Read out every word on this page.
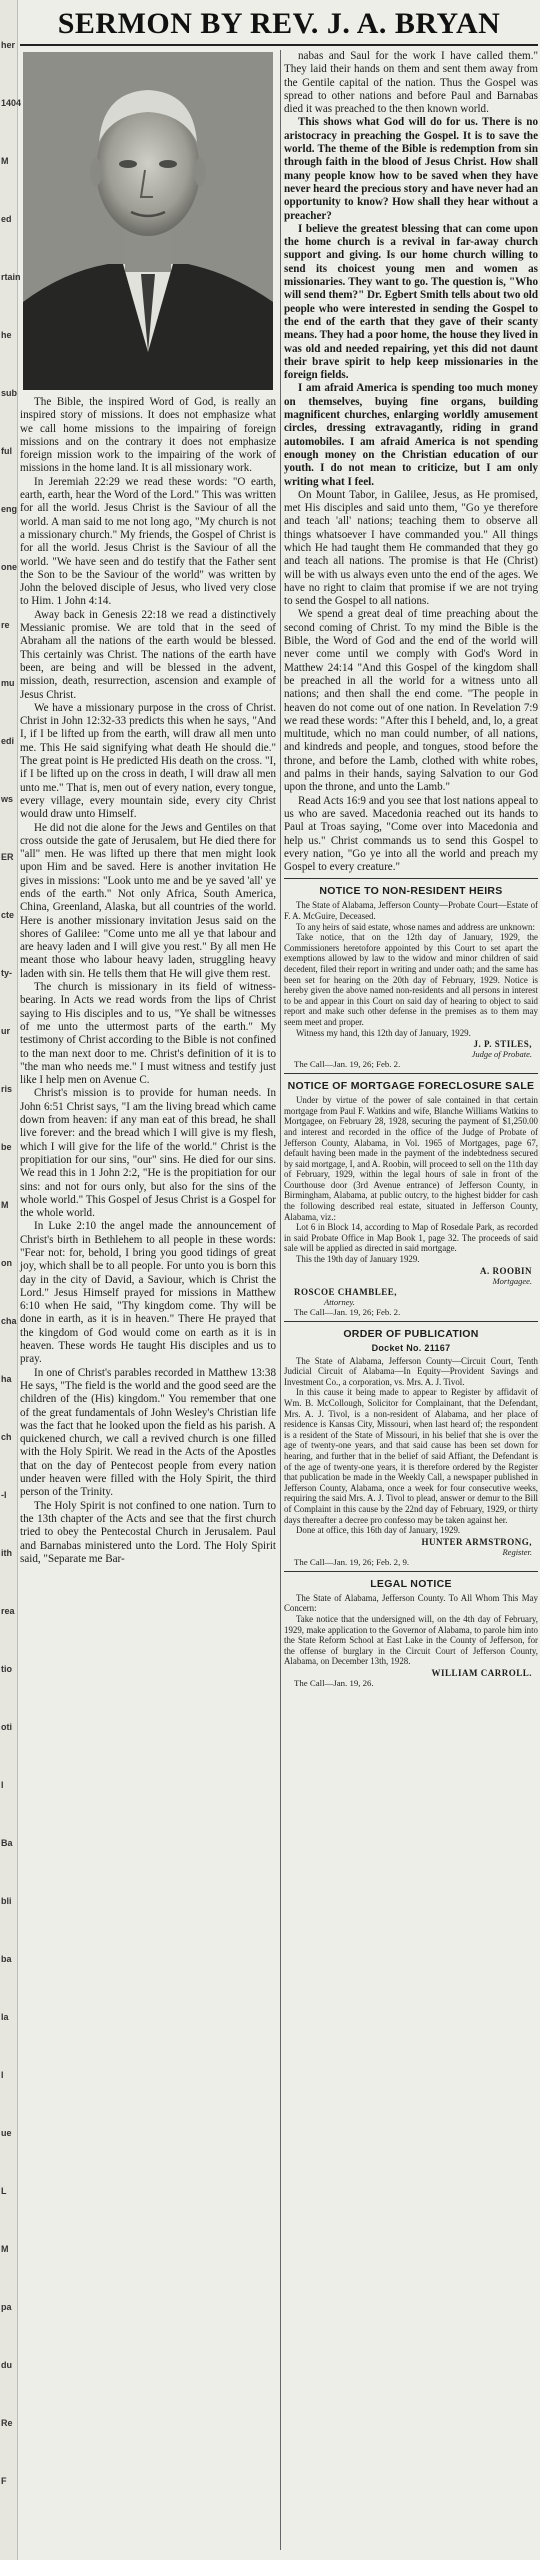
her
1404
M
ed
rtain
he
sub
ful
eng
one
re
mu
edi
ws
ER
cte
ty-
ur
ris
be
M
on
cha
ha
ch
-l
ith
rea
tio
oti
l
Ba
bli
ba
la
l
ue
L
M
pa
du
Re
F
SERMON BY REV. J. A. BRYAN

The Bible, the inspired Word of God, is really an inspired story of missions. It does not emphasize what we call home missions to the impairing of foreign missions and on the contrary it does not emphasize foreign mission work to the impairing of the work of missions in the home land. It is all missionary work.

In Jeremiah 22:29 we read these words: "O earth, earth, earth, hear the Word of the Lord." This was written for all the world. Jesus Christ is the Saviour of all the world. A man said to me not long ago, "My church is not a missionary church." My friends, the Gospel of Christ is for all the world. Jesus Christ is the Saviour of all the world. "We have seen and do testify that the Father sent the Son to be the Saviour of the world" was written by John the beloved disciple of Jesus, who lived very close to Him. 1 John 4:14.

Away back in Genesis 22:18 we read a distinctively Messianic promise. We are told that in the seed of Abraham all the nations of the earth would be blessed. This certainly was Christ. The nations of the earth have been, are being and will be blessed in the advent, mission, death, resurrection, ascension and example of Jesus Christ.

We have a missionary purpose in the cross of Christ. Christ in John 12:32-33 predicts this when he says, "And I, if I be lifted up from the earth, will draw all men unto me. This He said signifying what death He should die." The great point is He predicted His death on the cross. "I, if I be lifted up on the cross in death, I will draw all men unto me." That is, men out of every nation, every tongue, every village, every mountain side, every city Christ would draw unto Himself.

He did not die alone for the Jews and Gentiles on that cross outside the gate of Jerusalem, but He died there for "all" men. He was lifted up there that men might look upon Him and be saved. Here is another invitation He gives in missions: "Look unto me and be ye saved 'all' ye ends of the earth." Not only Africa, South America, China, Greenland, Alaska, but all countries of the world. Here is another missionary invitation Jesus said on the shores of Galilee: "Come unto me all ye that labour and are heavy laden and I will give you rest." By all men He meant those who labour heavy laden, struggling heavy laden with sin. He tells them that He will give them rest.

The church is missionary in its field of witness-bearing. In Acts we read words from the lips of Christ saying to His disciples and to us, "Ye shall be witnesses of me unto the uttermost parts of the earth." My testimony of Christ according to the Bible is not confined to the man next door to me. Christ's definition of it is to "the man who needs me." I must witness and testify just like I help men on Avenue C.

Christ's mission is to provide for human needs. In John 6:51 Christ says, "I am the living bread which came down from heaven: if any man eat of this bread, he shall live forever: and the bread which I will give is my flesh, which I will give for the life of the world." Christ is the propitiation for our sins, "our" sins. He died for our sins. We read this in 1 John 2:2, "He is the propitiation for our sins: and not for ours only, but also for the sins of the whole world." This Gospel of Jesus Christ is a Gospel for the whole world.

In Luke 2:10 the angel made the announcement of Christ's birth in Bethlehem to all people in these words: "Fear not: for, behold, I bring you good tidings of great joy, which shall be to all people. For unto you is born this day in the city of David, a Saviour, which is Christ the Lord." Jesus Himself prayed for missions in Matthew 6:10 when He said, "Thy kingdom come. Thy will be done in earth, as it is in heaven." There He prayed that the kingdom of God would come on earth as it is in heaven. These words He taught His disciples and us to pray.

In one of Christ's parables recorded in Matthew 13:38 He says, "The field is the world and the good seed are the children of the (His) kingdom." You remember that one of the great fundamentals of John Wesley's Christian life was the fact that he looked upon the field as his parish. A quickened church, we call a revived church is one filled with the Holy Spirit. We read in the Acts of the Apostles that on the day of Pentecost people from every nation under heaven were filled with the Holy Spirit, the third person of the Trinity.

The Holy Spirit is not confined to one nation. Turn to the 13th chapter of the Acts and see that the first church tried to obey the Pentecostal Church in Jerusalem. Paul and Barnabas ministered unto the Lord. The Holy Spirit said, "Separate me Bar-

nabas and Saul for the work I have called them." They laid their hands on them and sent them away from the Gentile capital of the nation. Thus the Gospel was spread to other nations and before Paul and Barnabas died it was preached to the then known world.

This shows what God will do for us. There is no aristocracy in preaching the Gospel. It is to save the world. The theme of the Bible is redemption from sin through faith in the blood of Jesus Christ. How shall many people know how to be saved when they have never heard the precious story and have never had an opportunity to know? How shall they hear without a preacher?

I believe the greatest blessing that can come upon the home church is a revival in far-away church support and giving. Is our home church willing to send its choicest young men and women as missionaries. They want to go. The question is, "Who will send them?" Dr. Egbert Smith tells about two old people who were interested in sending the Gospel to the end of the earth that they gave of their scanty means. They had a poor home, the house they lived in was old and needed repairing, yet this did not daunt their brave spirit to help keep missionaries in the foreign fields.

I am afraid America is spending too much money on themselves, buying fine organs, building magnificent churches, enlarging worldly amusement circles, dressing extravagantly, riding in grand automobiles. I am afraid America is not spending enough money on the Christian education of our youth. I do not mean to criticize, but I am only writing what I feel.

On Mount Tabor, in Galilee, Jesus, as He promised, met His disciples and said unto them, "Go ye therefore and teach 'all' nations; teaching them to observe all things whatsoever I have commanded you." All things which He had taught them He commanded that they go and teach all nations. The promise is that He (Christ) will be with us always even unto the end of the ages. We have no right to claim that promise if we are not trying to send the Gospel to all nations.

We spend a great deal of time preaching about the second coming of Christ. To my mind the Bible is the Bible, the Word of God and the end of the world will never come until we comply with God's Word in Matthew 24:14 "And this Gospel of the kingdom shall be preached in all the world for a witness unto all nations; and then shall the end come. "The people in heaven do not come out of one nation. In Revelation 7:9 we read these words: "After this I beheld, and, lo, a great multitude, which no man could number, of all nations, and kindreds and people, and tongues, stood before the throne, and before the Lamb, clothed with white robes, and palms in their hands, saying Salvation to our God upon the throne, and unto the Lamb."

Read Acts 16:9 and you see that lost nations appeal to us who are saved. Macedonia reached out its hands to Paul at Troas saying, "Come over into Macedonia and help us." Christ commands us to send this Gospel to every nation, "Go ye into all the world and preach my Gospel to every creature."

NOTICE TO NON-RESIDENT HEIRS

The State of Alabama, Jefferson County—Probate Court—Estate of F. A. McGuire, Deceased.

To any heirs of said estate, whose names and address are unknown:

Take notice, that on the 12th day of January, 1929, the Commissioners heretofore appointed by this Court to set apart the exemptions allowed by law to the widow and minor children of said decedent, filed their report in writing and under oath; and the same has been set for hearing on the 20th day of February, 1929. Notice is hereby given the above named non-residents and all persons in interest to be and appear in this Court on said day of hearing to object to said report and make such other defense in the premises as to them may seem meet and proper.

Witness my hand, this 12th day of January, 1929.

J. P. STILES,
Judge of Probate.
The Call—Jan. 19, 26; Feb. 2.
NOTICE OF MORTGAGE FORECLOSURE SALE

Under by virtue of the power of sale contained in that certain mortgage from Paul F. Watkins and wife, Blanche Williams Watkins to Mortgagee, on February 28, 1928, securing the payment of $1,250.00 and interest and recorded in the office of the Judge of Probate of Jefferson County, Alabama, in Vol. 1965 of Mortgages, page 67, default having been made in the payment of the indebtedness secured by said mortgage, I, and A. Roobin, will proceed to sell on the 11th day of February, 1929, within the legal hours of sale in front of the Courthouse door (3rd Avenue entrance) of Jefferson County, in Birmingham, Alabama, at public outcry, to the highest bidder for cash the following described real estate, situated in Jefferson County, Alabama, viz.:

Lot 6 in Block 14, according to Map of Rosedale Park, as recorded in said Probate Office in Map Book 1, page 32. The proceeds of said sale will be applied as directed in said mortgage.

This the 19th day of January 1929.

A. ROOBIN
Mortgagee.
ROSCOE CHAMBLEE,
Attorney.
The Call—Jan. 19, 26; Feb. 2.
ORDER OF PUBLICATION
Docket No. 21167

The State of Alabama, Jefferson County—Circuit Court, Tenth Judicial Circuit of Alabama—In Equity—Provident Savings and Investment Co., a corporation, vs. Mrs. A. J. Tivol.

In this cause it being made to appear to Register by affidavit of Wm. B. McCollough, Solicitor for Complainant, that the Defendant, Mrs. A. J. Tivol, is a non-resident of Alabama, and her place of residence is Kansas City, Missouri, when last heard of; the respondent is a resident of the State of Missouri, in his belief that she is over the age of twenty-one years, and that said cause has been set down for hearing, and further that in the belief of said Affiant, the Defendant is of the age of twenty-one years, it is therefore ordered by the Register that publication be made in the Weekly Call, a newspaper published in Jefferson County, Alabama, once a week for four consecutive weeks, requiring the said Mrs. A. J. Tivol to plead, answer or demur to the Bill of Complaint in this cause by the 22nd day of February, 1929, or thirty days thereafter a decree pro confesso may be taken against her.

Done at office, this 16th day of January, 1929.

HUNTER ARMSTRONG,
Register.
The Call—Jan. 19, 26; Feb. 2, 9.
LEGAL NOTICE

The State of Alabama, Jefferson County. To All Whom This May Concern:

Take notice that the undersigned will, on the 4th day of February, 1929, make application to the Governor of Alabama, to parole him into the State Reform School at East Lake in the County of Jefferson, for the offense of burglary in the Circuit Court of Jefferson County, Alabama, on December 13th, 1928.

WILLIAM CARROLL.
The Call—Jan. 19, 26.
